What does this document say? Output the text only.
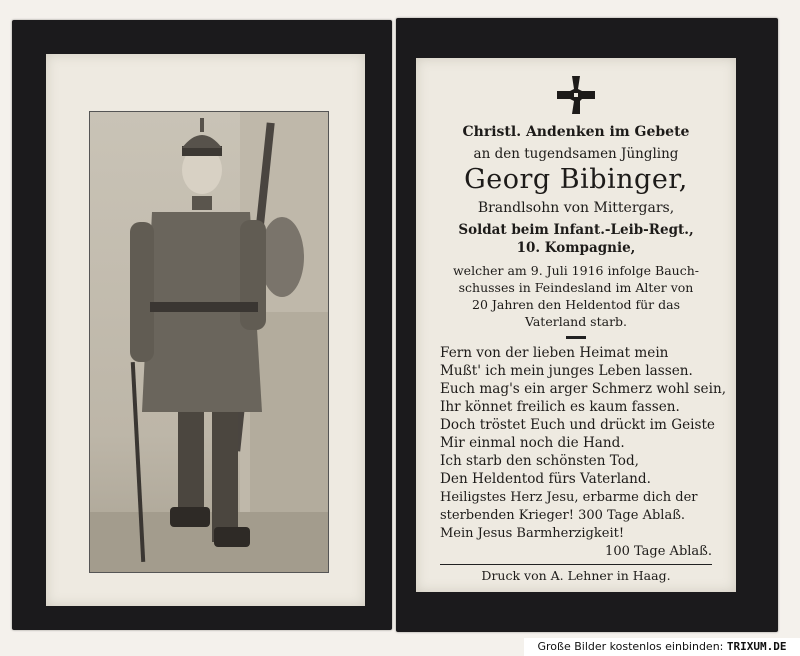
Christl. Andenken im Gebete
an den tugendsamen Jüngling
Georg Bibinger,
Brandlsohn von Mittergars,
Soldat beim Infant.-Leib-Regt.,
10. Kompagnie,
welcher am 9. Juli 1916 infolge Bauch-
schusses in Feindesland im Alter von
20 Jahren den Heldentod für das
Vaterland starb.
Fern von der lieben Heimat mein
Mußt' ich mein junges Leben lassen.
Euch mag's ein arger Schmerz wohl sein,
Ihr könnet freilich es kaum fassen.
Doch tröstet Euch und drückt im Geiste
Mir einmal noch die Hand.
Ich starb den schönsten Tod,
Den Heldentod fürs Vaterland.
Heiligstes Herz Jesu, erbarme dich der
sterbenden Krieger! 300 Tage Ablaß.
Mein Jesus Barmherzigkeit!
100 Tage Ablaß.
Druck von A. Lehner in Haag.
Große Bilder kostenlos einbinden: TRIXUM.DE
